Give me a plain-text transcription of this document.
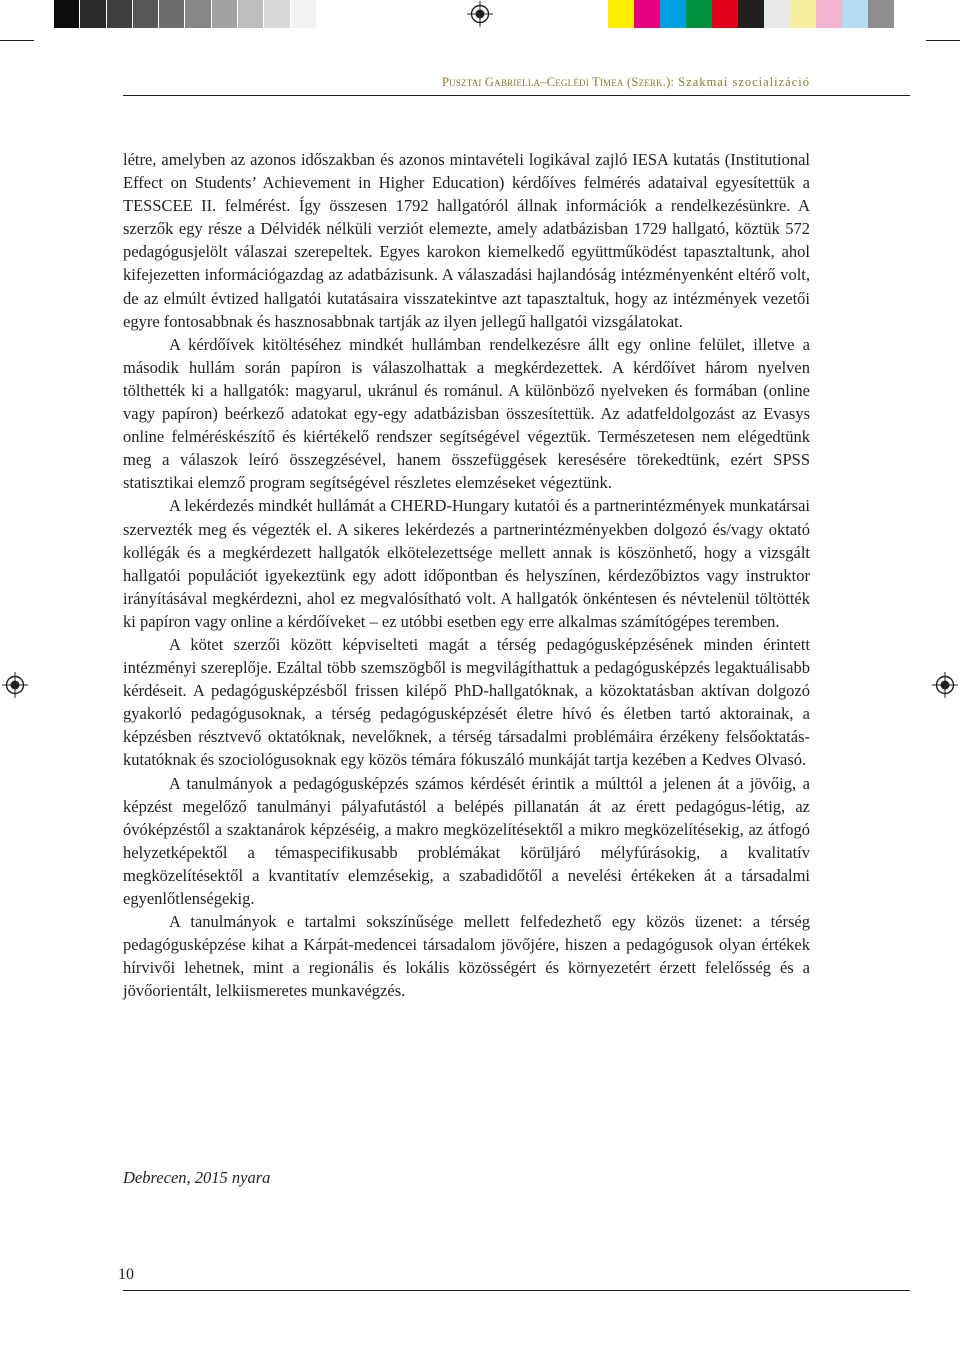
Pusztai Gabriella–Ceglédi Tímea (Szerk.): Szakmai szocializáció

létre, amelyben az azonos időszakban és azonos mintavételi logikával zajló IESA kutatás (Institutional Effect on Students’ Achievement in Higher Education) kérdőíves felmérés adataival egyesítettük a TESSCEE II. felmérést. Így összesen 1792 hallgatóról állnak információk a rendelkezésünkre. A szerzők egy része a Délvidék nélküli verziót elemezte, amely adatbázisban 1729 hallgató, köztük 572 pedagógusjelölt válaszai szerepeltek. Egyes karokon kiemelkedő együttműködést tapasztaltunk, ahol kifejezetten információgazdag az adatbázisunk. A válaszadási hajlandóság intézményenként eltérő volt, de az elmúlt évtized hallgatói kutatásaira visszatekintve azt tapasztaltuk, hogy az intézmények vezetői egyre fontosabbnak és hasznosabbnak tartják az ilyen jellegű hallgatói vizsgálatokat.

A kérdőívek kitöltéséhez mindkét hullámban rendelkezésre állt egy online felület, illetve a második hullám során papíron is válaszolhattak a megkérdezettek. A kérdőívet három nyelven tölthették ki a hallgatók: magyarul, ukránul és románul. A különböző nyelveken és formában (online vagy papíron) beérkező adatokat egy-egy adatbázisban összesítettük. Az adatfeldolgozást az Evasys online felméréskészítő és kiértékelő rendszer segítségével végeztük. Természetesen nem elégedtünk meg a válaszok leíró összegzésével, hanem összefüggések keresésére törekedtünk, ezért SPSS statisztikai elemző program segítségével részletes elemzéseket végeztünk.

A lekérdezés mindkét hullámát a CHERD-Hungary kutatói és a partnerintézmények munkatársai szervezték meg és végezték el. A sikeres lekérdezés a partnerintézményekben dolgozó és/vagy oktató kollégák és a megkérdezett hallgatók elkötelezettsége mellett annak is köszönhető, hogy a vizsgált hallgatói populációt igyekeztünk egy adott időpontban és helyszínen, kérdezőbiztos vagy instruktor irányításával megkérdezni, ahol ez megvalósítható volt. A hallgatók önkéntesen és névtelenül töltötték ki papíron vagy online a kérdőíveket – ez utóbbi esetben egy erre alkalmas számítógépes teremben.

A kötet szerzői között képviselteti magát a térség pedagógusképzésének minden érintett intézményi szereplője. Ezáltal több szemszögből is megvilágíthattuk a pedagógusképzés legaktuálisabb kérdéseit. A pedagógusképzésből frissen kilépő PhD-hallgatóknak, a közoktatásban aktívan dolgozó gyakorló pedagógusoknak, a térség pedagógusképzését életre hívó és életben tartó aktorainak, a képzésben résztvevő oktatóknak, nevelőknek, a térség társadalmi problémáira érzékeny felsőoktatás-kutatóknak és szociológusoknak egy közös témára fókuszáló munkáját tartja kezében a Kedves Olvasó.

A tanulmányok a pedagógusképzés számos kérdését érintik a múlttól a jelenen át a jövőig, a képzést megelőző tanulmányi pályafutástól a belépés pillanatán át az érett pedagógus-létig, az óvóképzéstől a szaktanárok képzéséig, a makro megközelítésektől a mikro megközelítésekig, az átfogó helyzetképektől a témaspecifikusabb problémákat körüljáró mélyfúrásokig, a kvalitatív megközelítésektől a kvantitatív elemzésekig, a szabadidőtől a nevelési értékeken át a társadalmi egyenlőtlenségekig.

A tanulmányok e tartalmi sokszínűsége mellett felfedezhető egy közös üzenet: a térség pedagógusképzése kihat a Kárpát-medencei társadalom jövőjére, hiszen a pedagógusok olyan értékek hírvivői lehetnek, mint a regionális és lokális közösségért és környezetért érzett felelősség és a jövőorientált, lelkiismeretes munkavégzés.

Debrecen, 2015 nyara
10
